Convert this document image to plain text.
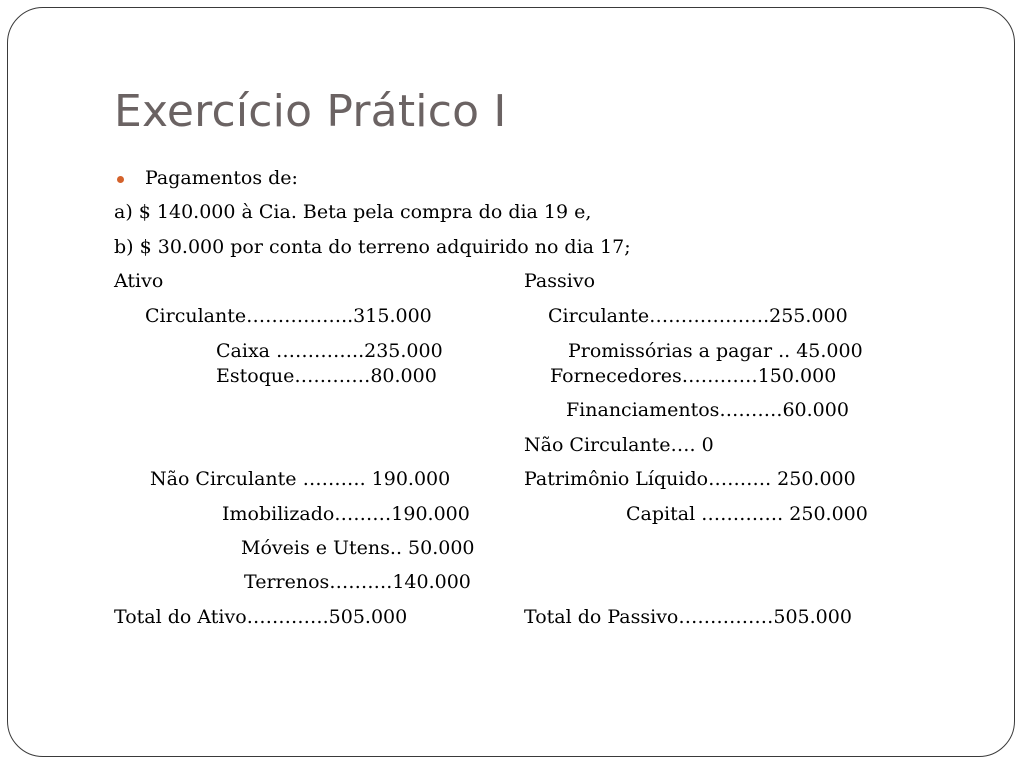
Exercício Prático I
Pagamentos de:
a) $ 140.000 à Cia. Beta pela compra do dia 19 e,
b) $ 30.000 por conta do terreno adquirido no dia 17;
Ativo
Circulante……………..315.000
Caixa …………..235.000
Estoque…………80.000
Não Circulante ………. 190.000
Imobilizado………190.000
Móveis e Utens.. 50.000
Terrenos……….140.000
Total do Ativo………….505.000
Passivo
Circulante……………….255.000
Promissórias a pagar .. 45.000
Fornecedores…………150.000
Financiamentos……….60.000
Não Circulante…. 0
Patrimônio Líquido………. 250.000
Capital …………. 250.000
Total do Passivo……………505.000
